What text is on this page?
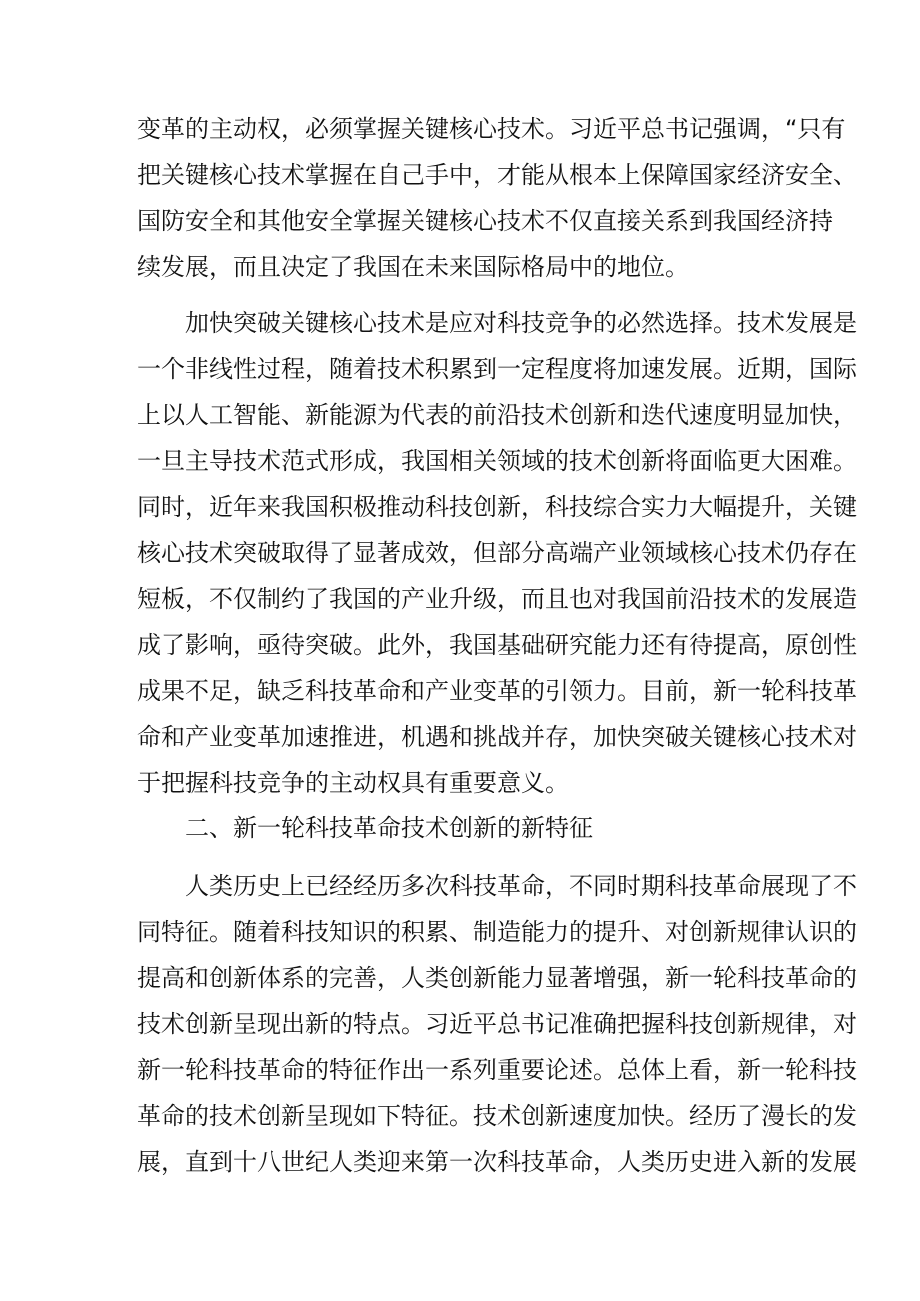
变革的主动权，必须掌握关键核心技术。习近平总书记强调，“只有
把关键核心技术掌握在自己手中，才能从根本上保障国家经济安全、
国防安全和其他安全掌握关键核心技术不仅直接关系到我国经济持
续发展，而且决定了我国在未来国际格局中的地位。
加快突破关键核心技术是应对科技竞争的必然选择。技术发展是
一个非线性过程，随着技术积累到一定程度将加速发展。近期，国际
上以人工智能、新能源为代表的前沿技术创新和迭代速度明显加快，
一旦主导技术范式形成，我国相关领域的技术创新将面临更大困难。
同时，近年来我国积极推动科技创新，科技综合实力大幅提升，关键
核心技术突破取得了显著成效，但部分高端产业领域核心技术仍存在
短板，不仅制约了我国的产业升级，而且也对我国前沿技术的发展造
成了影响，亟待突破。此外，我国基础研究能力还有待提高，原创性
成果不足，缺乏科技革命和产业变革的引领力。目前，新一轮科技革
命和产业变革加速推进，机遇和挑战并存，加快突破关键核心技术对
于把握科技竞争的主动权具有重要意义。
二、新一轮科技革命技术创新的新特征
人类历史上已经经历多次科技革命，不同时期科技革命展现了不
同特征。随着科技知识的积累、制造能力的提升、对创新规律认识的
提高和创新体系的完善，人类创新能力显著增强，新一轮科技革命的
技术创新呈现出新的特点。习近平总书记准确把握科技创新规律，对
新一轮科技革命的特征作出一系列重要论述。总体上看，新一轮科技
革命的技术创新呈现如下特征。技术创新速度加快。经历了漫长的发
展，直到十八世纪人类迎来第一次科技革命，人类历史进入新的发展
